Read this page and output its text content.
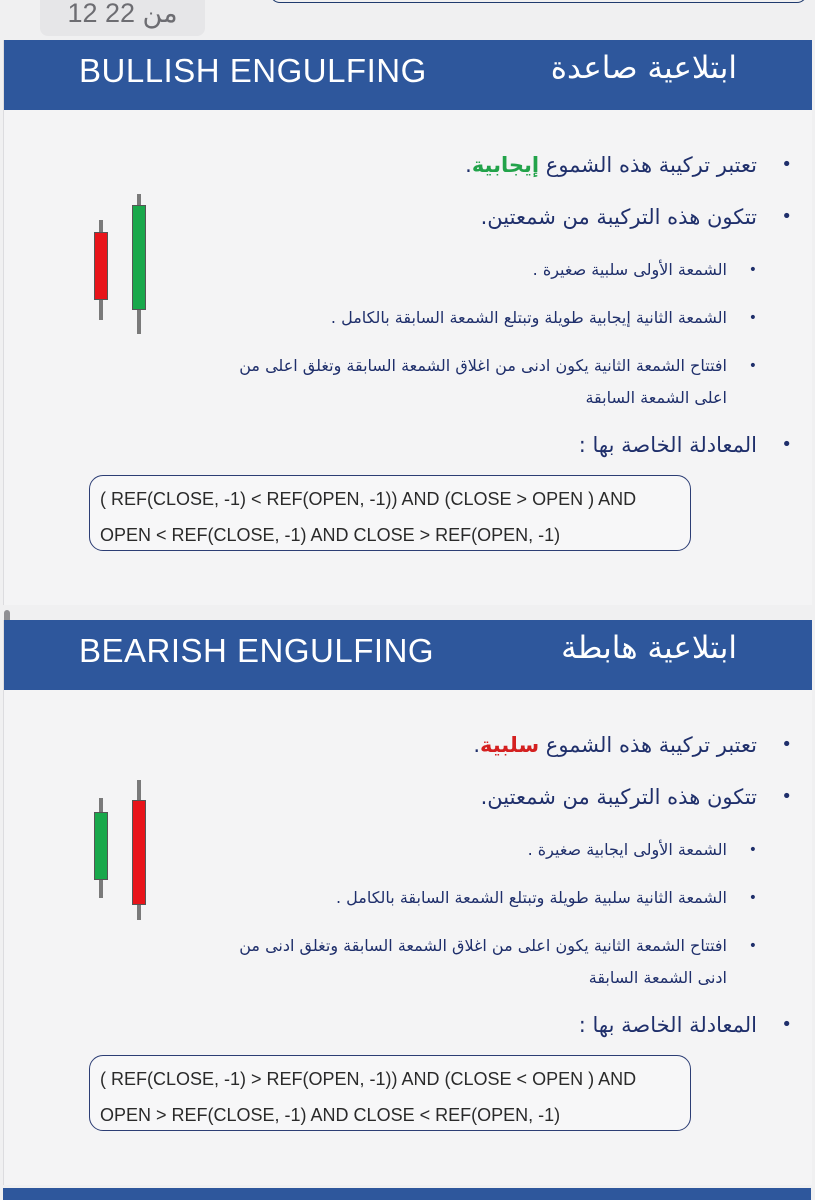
12 من 22
BULLISH ENGULFING	ابتلاعية صاعدة
• تعتبر تركيبة هذه الشموع إيجابية.
• تتكون هذه التركيبة من شمعتين.
• الشمعة الأولى سلبية صغيرة .
• الشمعة الثانية إيجابية طويلة وتبتلع الشمعة السابقة بالكامل .
• افتتاح الشمعة الثانية يكون ادنى من اغلاق الشمعة السابقة وتغلق اعلى من اعلى الشمعة السابقة
• المعادلة الخاصة بها :
( REF(CLOSE, -1) < REF(OPEN, -1)) AND (CLOSE > OPEN ) AND
OPEN < REF(CLOSE, -1) AND CLOSE > REF(OPEN, -1)
BEARISH ENGULFING	ابتلاعية هابطة
• تعتبر تركيبة هذه الشموع سلبية.
• تتكون هذه التركيبة من شمعتين.
• الشمعة الأولى ايجابية صغيرة .
• الشمعة الثانية سلبية طويلة وتبتلع الشمعة السابقة بالكامل .
• افتتاح الشمعة الثانية يكون اعلى من اغلاق الشمعة السابقة وتغلق ادنى من ادنى الشمعة السابقة
• المعادلة الخاصة بها :
( REF(CLOSE, -1) > REF(OPEN, -1)) AND (CLOSE < OPEN ) AND
OPEN > REF(CLOSE, -1) AND CLOSE < REF(OPEN, -1)
